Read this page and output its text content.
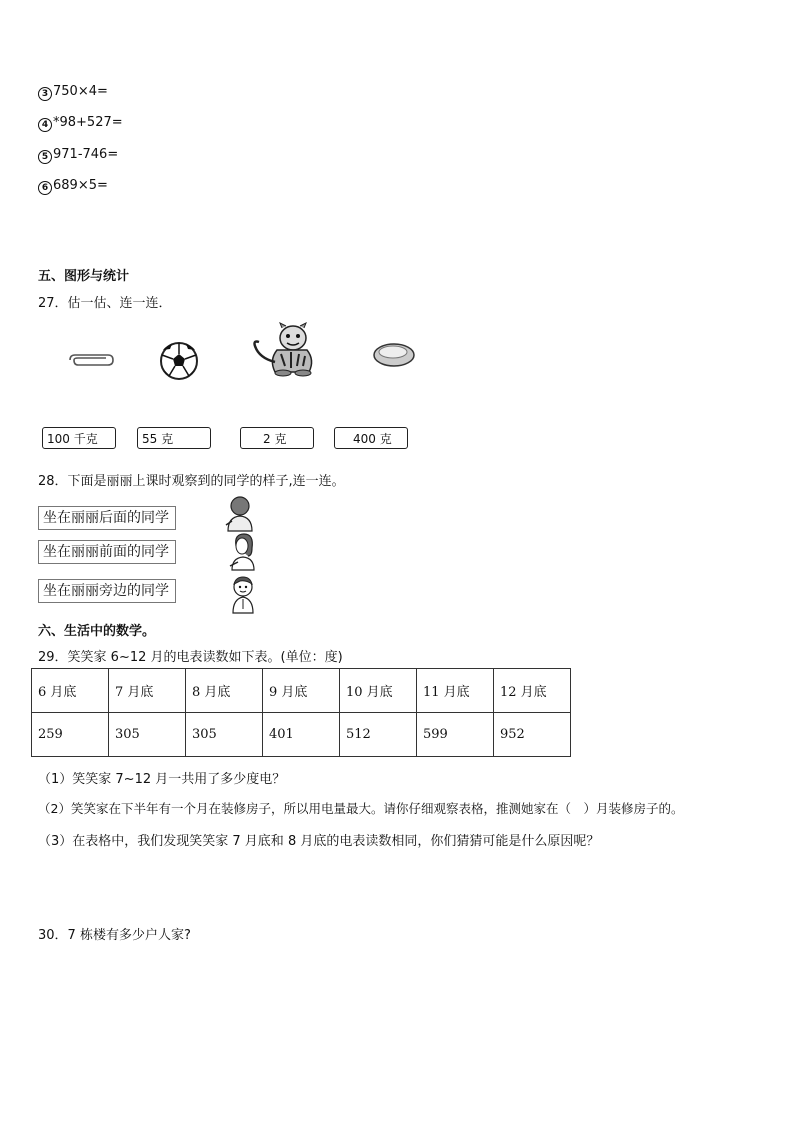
3 750×4=
4 *98+527=
5 971-746=
6 689×5=
五、图形与统计
27．估一估、连一连．
100 千克	55 克	2 克	400 克
28．下面是丽丽上课时观察到的同学的样子,连一连。
坐在丽丽后面的同学
坐在丽丽前面的同学
坐在丽丽旁边的同学
六、生活中的数学。
29．笑笑家 6~12 月的电表读数如下表。(单位：度)
6 月底	7 月底	8 月底	9 月底	10 月底	11 月底	12 月底
259	305	305	401	512	599	952
（1）笑笑家 7~12 月一共用了多少度电？
（2）笑笑家在下半年有一个月在装修房子，所以用电量最大。请你仔细观察表格，推测她家在（　）月装修房子的。
（3）在表格中，我们发现笑笑家 7 月底和 8 月底的电表读数相同，你们猜猜可能是什么原因呢？
30．7 栋楼有多少户人家?
